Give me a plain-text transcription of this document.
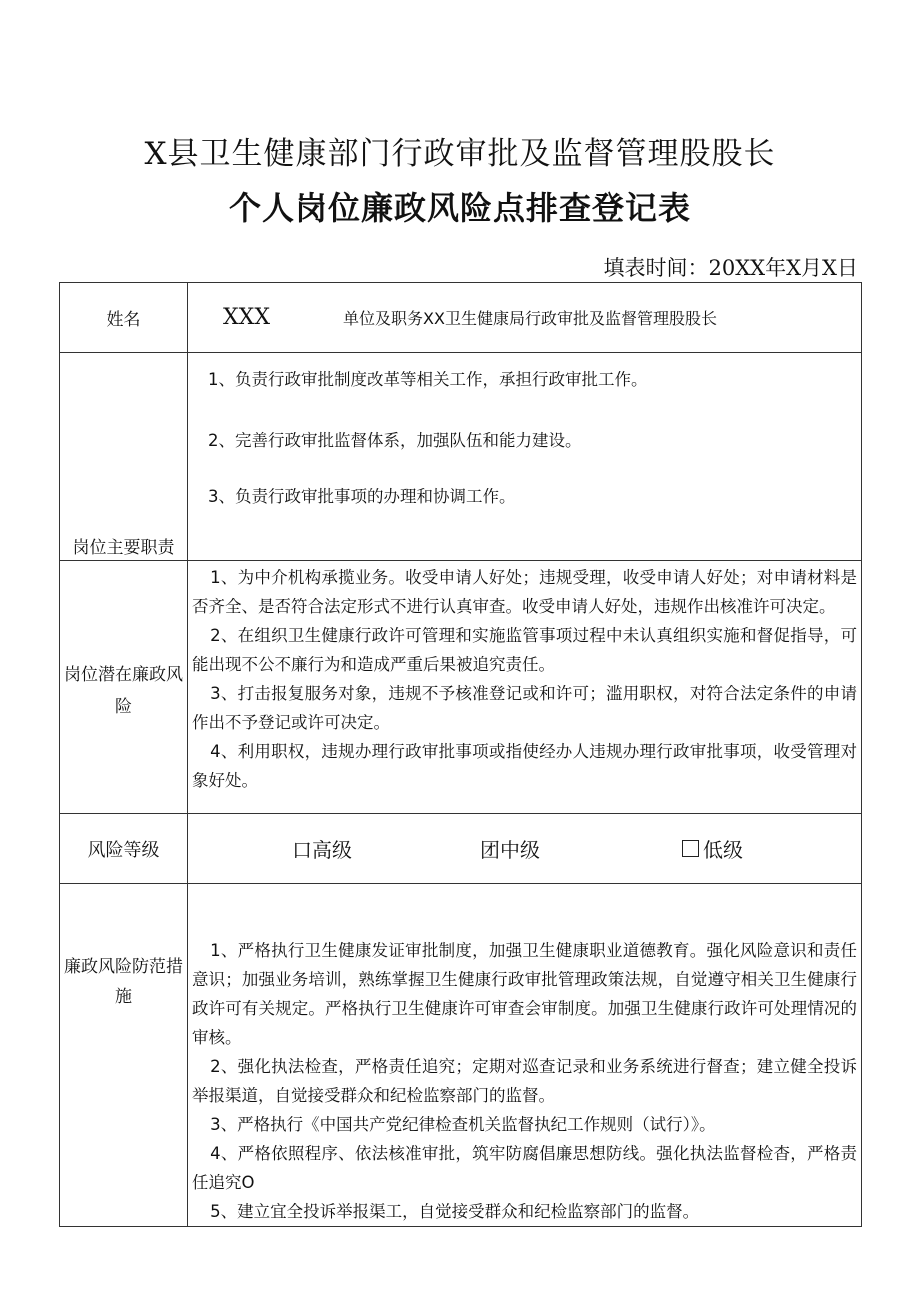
X县卫生健康部门行政审批及监督管理股股长
个人岗位廉政风险点排查登记表
填表时间：20XX年X月X日
姓名	XXX 单位及职务 XX卫生健康局行政审批及监督管理股股长

岗位主要职责	1、负责行政审批制度改革等相关工作，承担行政审批工作。
2、完善行政审批监督体系，加强队伍和能力建设。
3、负责行政审批事项的办理和协调工作。

岗位潜在廉政风险	1、为中介机构承揽业务。收受申请人好处；违规受理，收受申请人好处；对申请材料是否齐全、是否符合法定形式不进行认真审查。收受申请人好处，违规作出核准许可决定。
2、在组织卫生健康行政许可管理和实施监管事项过程中未认真组织实施和督促指导，可能出现不公不廉行为和造成严重后果被追究责任。
3、打击报复服务对象，违规不予核准登记或和许可；滥用职权，对符合法定条件的申请作出不予登记或许可决定。
4、利用职权，违规办理行政审批事项或指使经办人违规办理行政审批事项，收受管理对象好处。

风险等级	口 高级 团 中级 低级

廉政风险防范措施	1、严格执行卫生健康发证审批制度，加强卫生健康职业道德教育。强化风险意识和责任意识；加强业务培训，熟练掌握卫生健康行政审批管理政策法规，自觉遵守相关卫生健康行政许可有关规定。严格执行卫生健康许可审查会审制度。加强卫生健康行政许可处理情况的审核。
2、强化执法检查，严格责任追究；定期对巡查记录和业务系统进行督查；建立健全投诉举报渠道，自觉接受群众和纪检监察部门的监督。
3、严格执行《中国共产党纪律检查机关监督执纪工作规则（试行）》。
4、严格依照程序、依法核准审批，筑牢防腐倡廉思想防线。强化执法监督检杳，严格责任追究O
5、建立宜全投诉举报渠工，自觉接受群众和纪检监察部门的监督。
